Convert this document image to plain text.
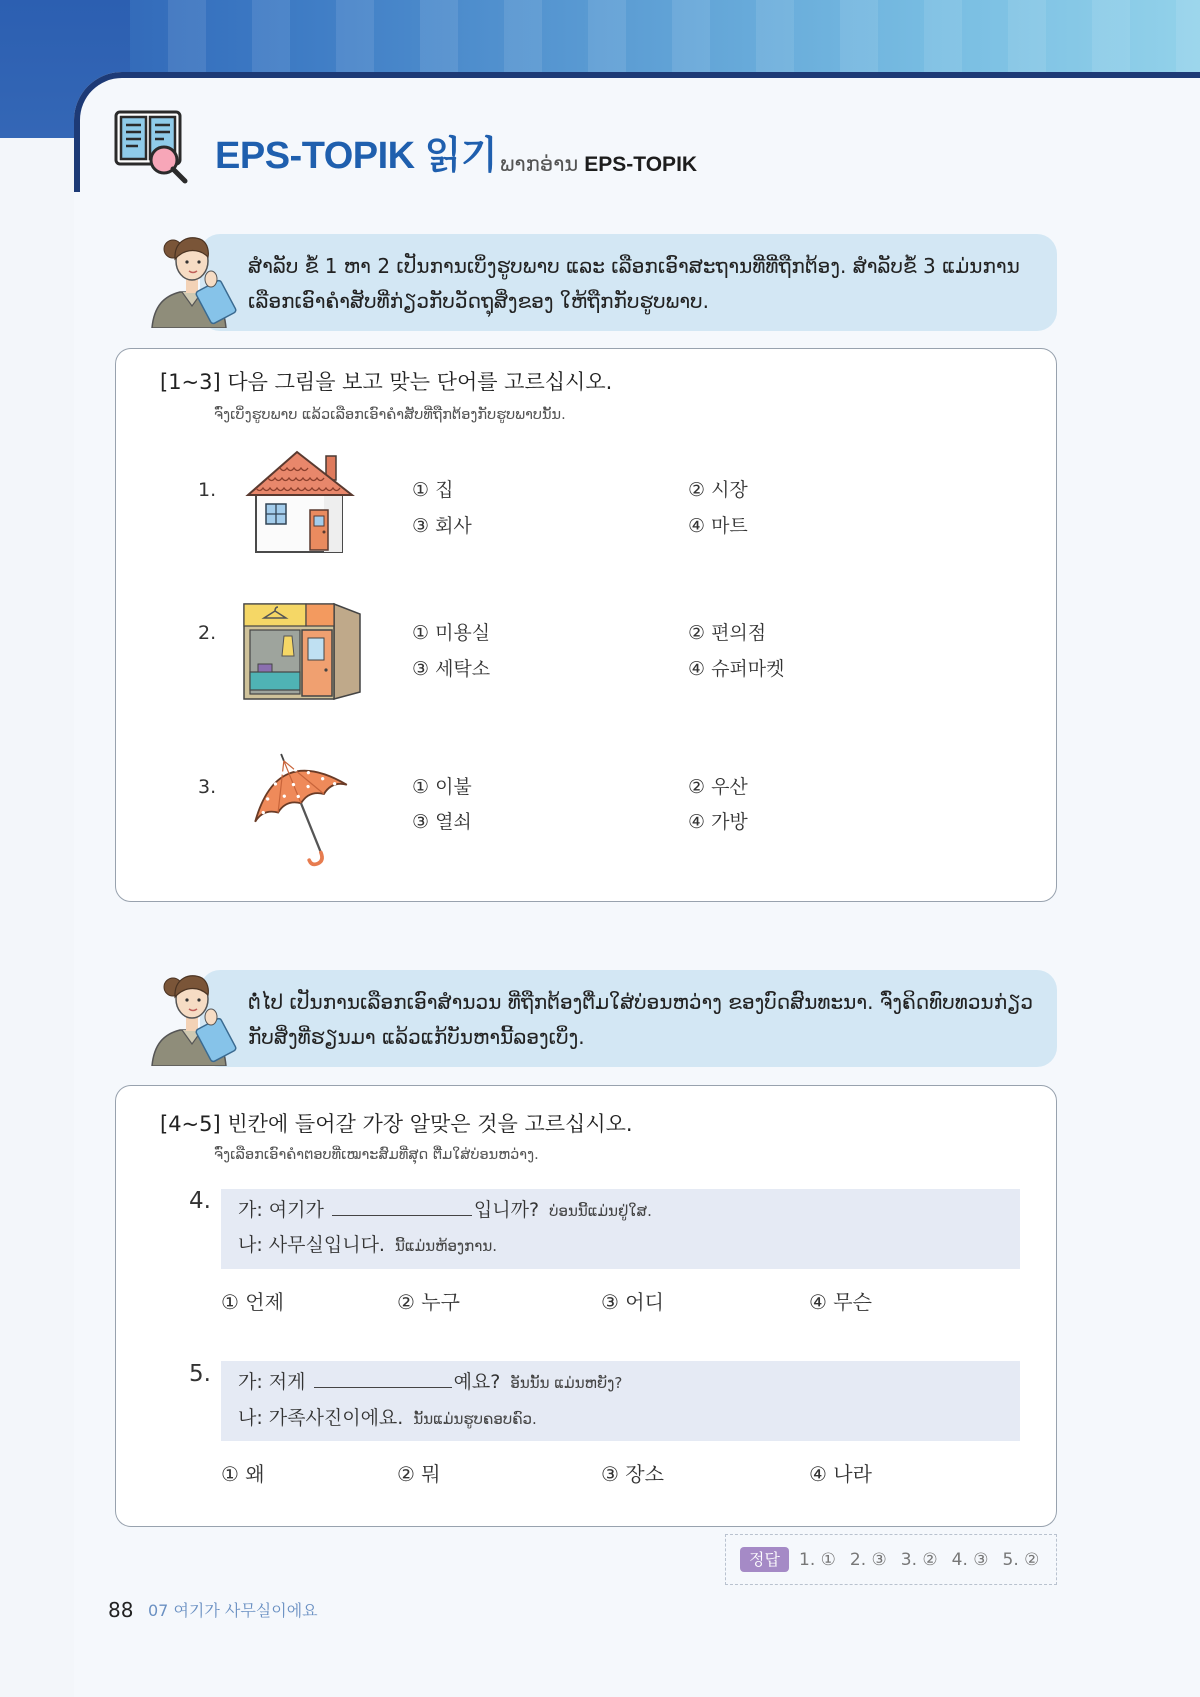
EPS-TOPIK 읽기 ພາກອ່ານ EPS-TOPIK
ສຳລັບ ຂໍ້ 1 ຫາ 2 ເປັນການເບິ່ງຮູບພາບ ແລະ ເລືອກເອົາສະຖານທີ່ທີ່ຖືກຕ້ອງ. ສຳລັບຂໍ້ 3 ແມ່ນການ
ເລືອກເອົາຄຳສັບທີ່ກ່ຽວກັບວັດຖຸສິ່ງຂອງ ໃຫ້ຖືກກັບຮູບພາບ.
[1~3] 다음 그림을 보고 맞는 단어를 고르십시오.
ຈົ່ງເບິ່ງຮູບພາບ ແລ້ວເລືອກເອົາຄຳສັບທີ່ຖືກຕ້ອງກັບຮູບພາບນັ້ນ.
1.	① 집	② 시장
③ 회사	④ 마트
2.	① 미용실	② 편의점
③ 세탁소	④ 슈퍼마켓
3.	① 이불	② 우산
③ 열쇠	④ 가방
ຕໍ່ໄປ ເປັນການເລືອກເອົາສຳນວນ ທີ່ຖືກຕ້ອງຕື່ມໃສ່ບ່ອນຫວ່າງ ຂອງບົດສົນທະນາ. ຈົ່ງຄິດທົບທວນກ່ຽວ
ກັບສິ່ງທີ່ຮຽນມາ ແລ້ວແກ້ບັນຫານີ້ລອງເບິ່ງ.
[4~5] 빈칸에 들어갈 가장 알맞은 것을 고르십시오.
ຈົ່ງເລືອກເອົາຄຳຕອບທີ່ເໝາະສົມທີ່ສຸດ ຕື່ມໃສ່ບ່ອນຫວ່າງ.
4. 가: 여기가	입니까? ບ່ອນນີ້ແມ່ນຢູ່ໃສ.
나: 사무실입니다. ນີ້ແມ່ນຫ້ອງການ.
① 언제	② 누구	③ 어디	④ 무슨
5. 가: 저게	예요? ອັນນັ້ນ ແມ່ນຫຍັງ?
나: 가족사진이에요. ນັ້ນແມ່ນຮູບຄອບຄົວ.
① 왜	② 뭐	③ 장소	④ 나라
정답	1. ① 2. ③ 3. ② 4. ③ 5. ②
88 07 여기가 사무실이에요
